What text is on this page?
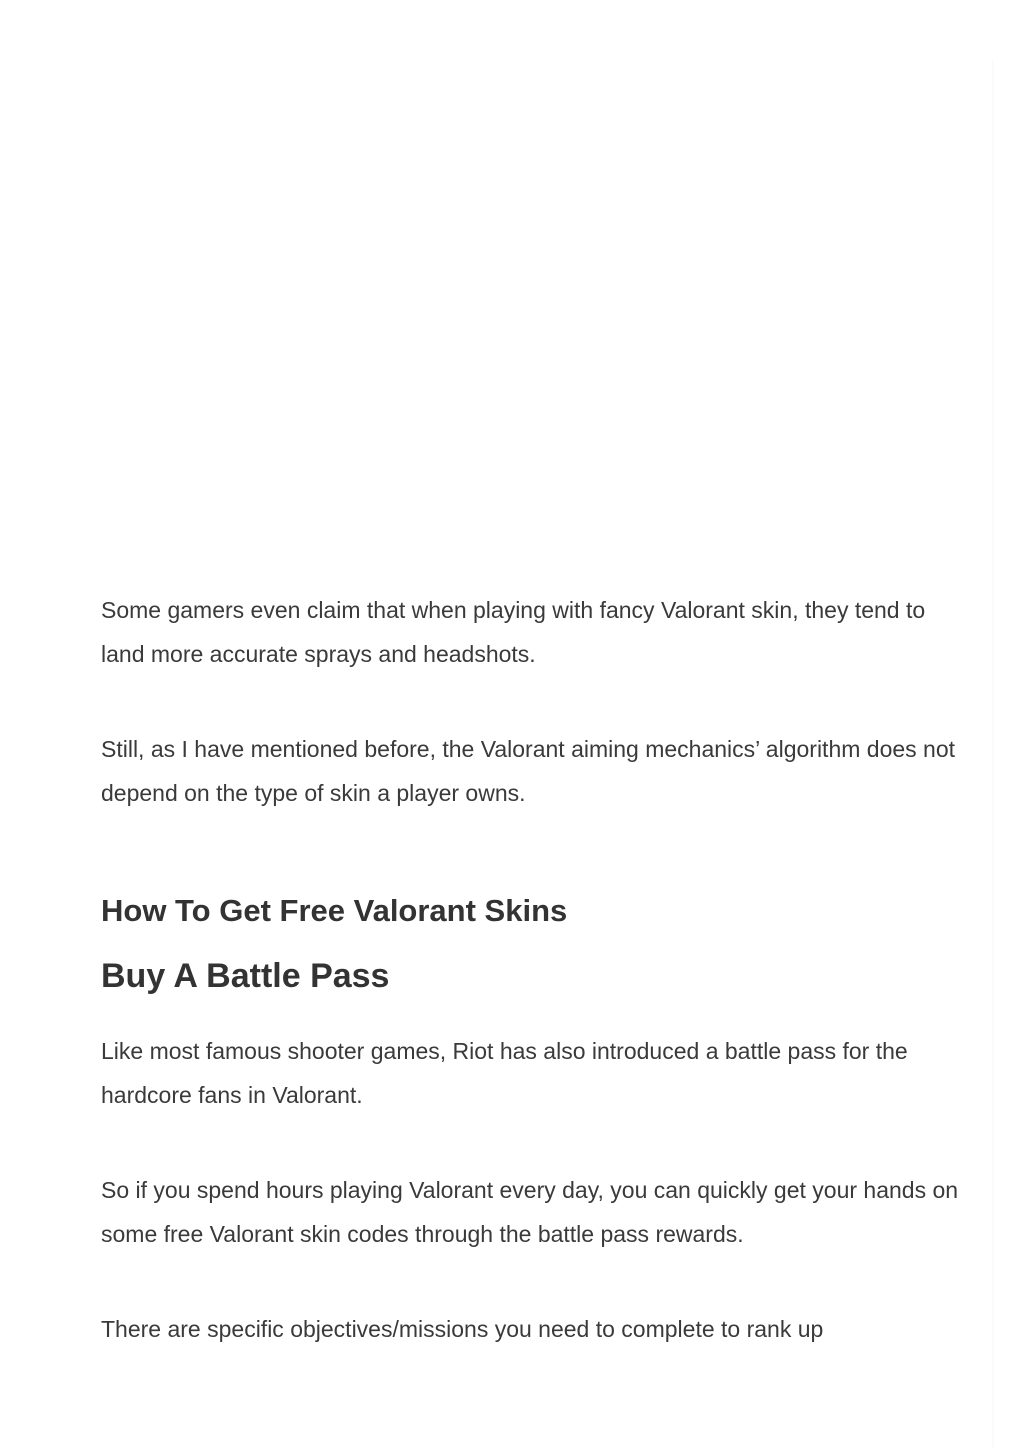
Some gamers even claim that when playing with fancy Valorant skin, they tend to land more accurate sprays and headshots.

Still, as I have mentioned before, the Valorant aiming mechanics’ algorithm does not depend on the type of skin a player owns.

How To Get Free Valorant Skins
Buy A Battle Pass

Like most famous shooter games, Riot has also introduced a battle pass for the hardcore fans in Valorant.

So if you spend hours playing Valorant every day, you can quickly get your hands on some free Valorant skin codes through the battle pass rewards.

There are specific objectives/missions you need to complete to rank up
